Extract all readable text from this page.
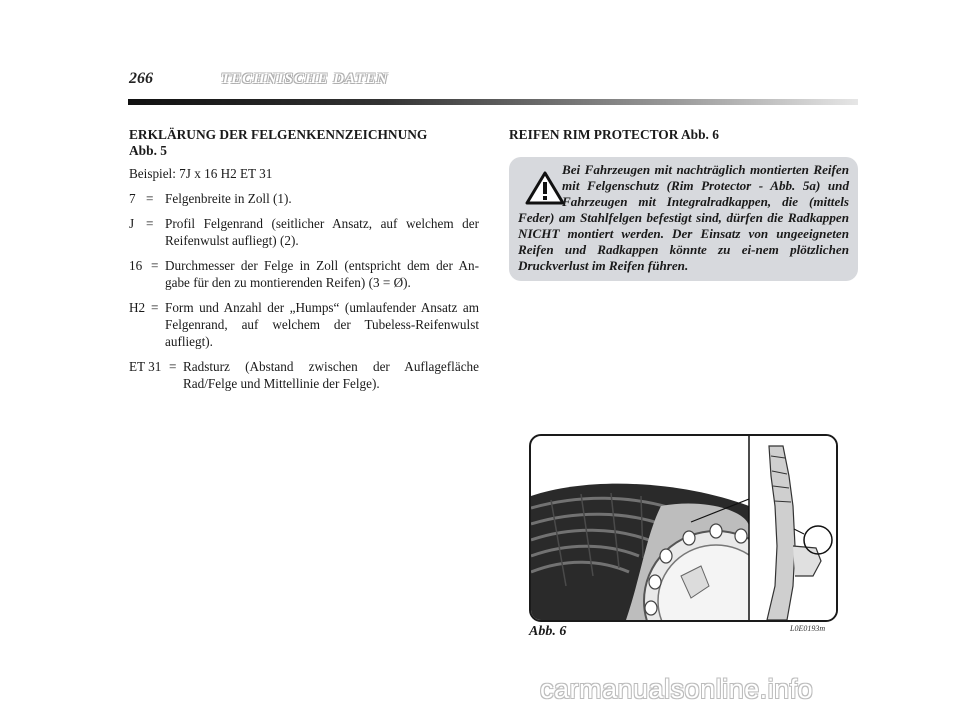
266	TECHNISCHE DATEN
ERKLÄRUNG DER FELGENKENNZEICHNUNG
Abb. 5
Beispiel: 7J x 16 H2 ET 31
7 = Felgenbreite in Zoll (1).
J = Profil Felgenrand (seitlicher Ansatz, auf welchem der Reifenwulst aufliegt) (2).
16 = Durchmesser der Felge in Zoll (entspricht dem der An-gabe für den zu montierenden Reifen) (3 = Ø).
H2 = Form und Anzahl der „Humps“ (umlaufender Ansatz am Felgenrand, auf welchem der Tubeless-Reifenwulst aufliegt).
ET 31 = Radsturz (Abstand zwischen der Auflagefläche Rad/Felge und Mittellinie der Felge).
REIFEN RIM PROTECTOR Abb. 6
Bei Fahrzeugen mit nachträglich montierten Reifen mit Felgenschutz (Rim Protector - Abb. 5a) und Fahrzeugen mit Integralradkappen, die (mittels Feder) am Stahlfelgen befestigt sind, dürfen die Radkappen NICHT montiert werden. Der Einsatz von ungeeigneten Reifen und Radkappen könnte zu ei-nem plötzlichen Druckverlust im Reifen führen.
Abb. 6	L0E0193m
carmanualsonline.info
